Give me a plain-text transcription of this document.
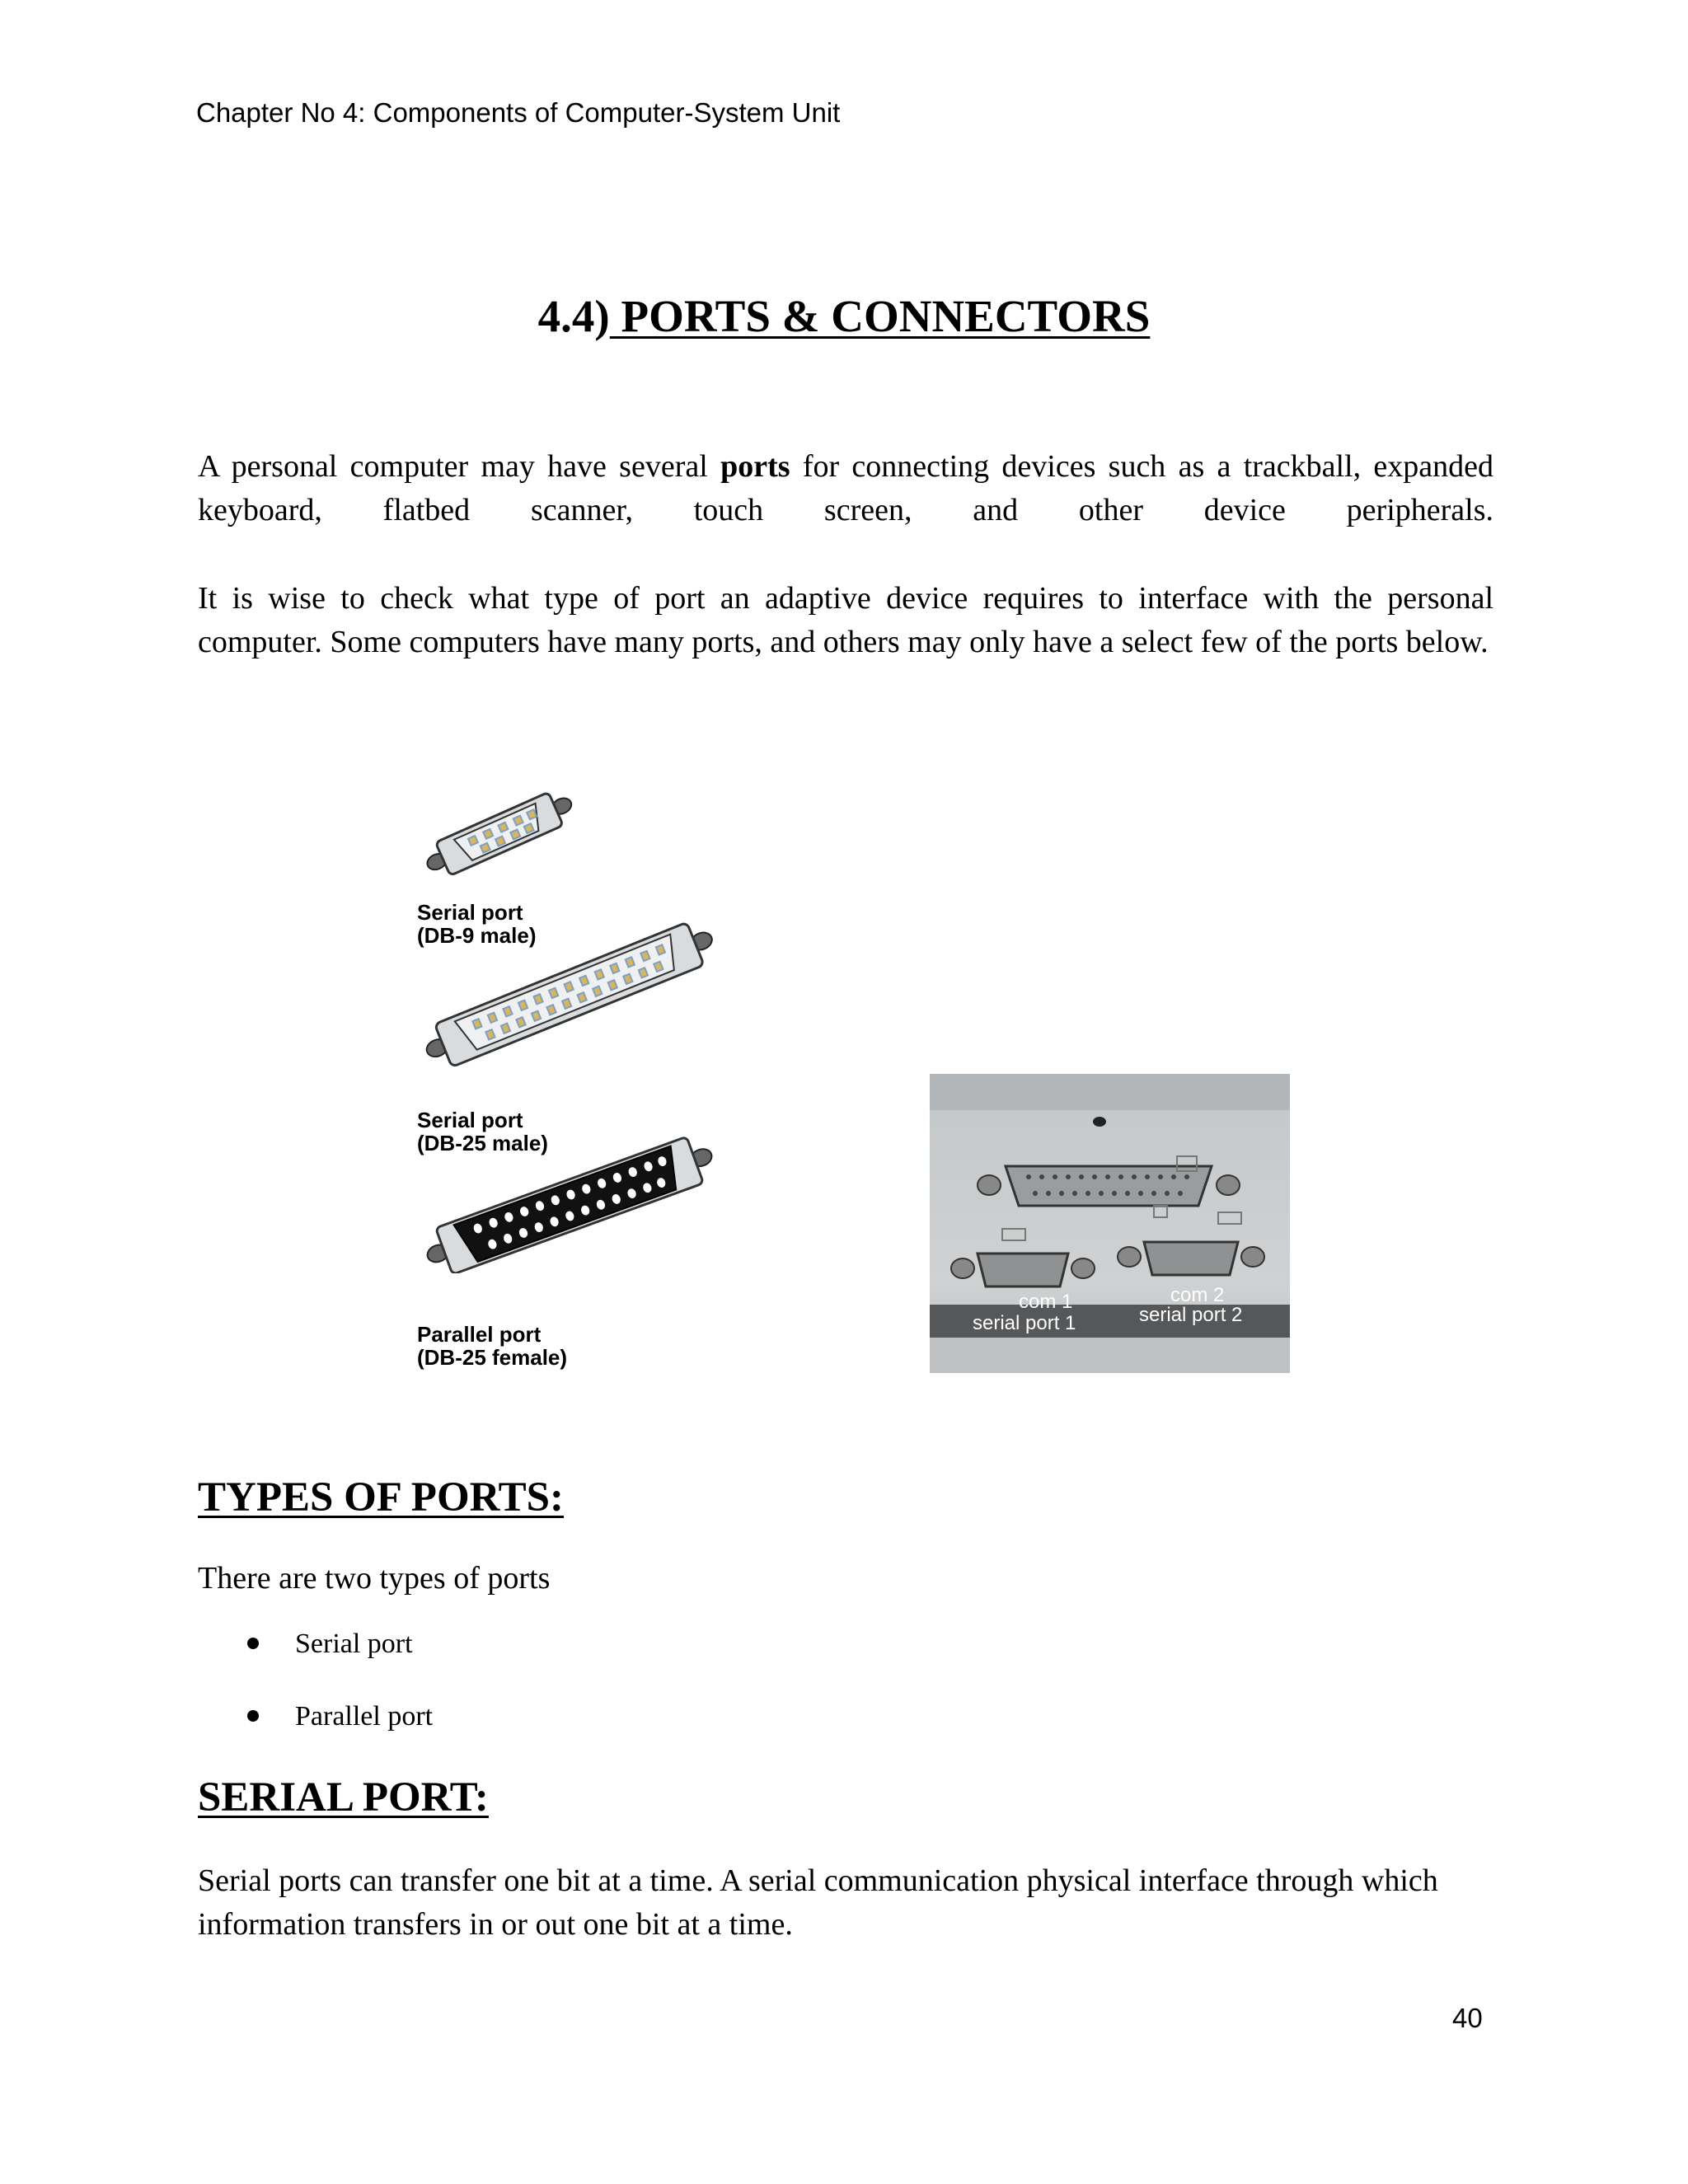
Chapter No 4: Components of Computer-System Unit
4.4) PORTS & CONNECTORS
A personal computer may have several ports for connecting devices such as a trackball, expanded keyboard, flatbed scanner, touch screen, and other device peripherals.
It is wise to check what type of port an adaptive device requires to interface with the personal computer. Some computers have many ports, and others may only have a select few of the ports below.
Serial port
(DB-9 male)
Serial port
(DB-25 male)
Parallel port
(DB-25 female)
com 1
serial port 1
com 2
serial port 2
TYPES OF PORTS:
There are two types of ports
Serial port
Parallel port
SERIAL PORT:
Serial ports can transfer one bit at a time. A serial communication physical interface through which information transfers in or out one bit at a time.
40
